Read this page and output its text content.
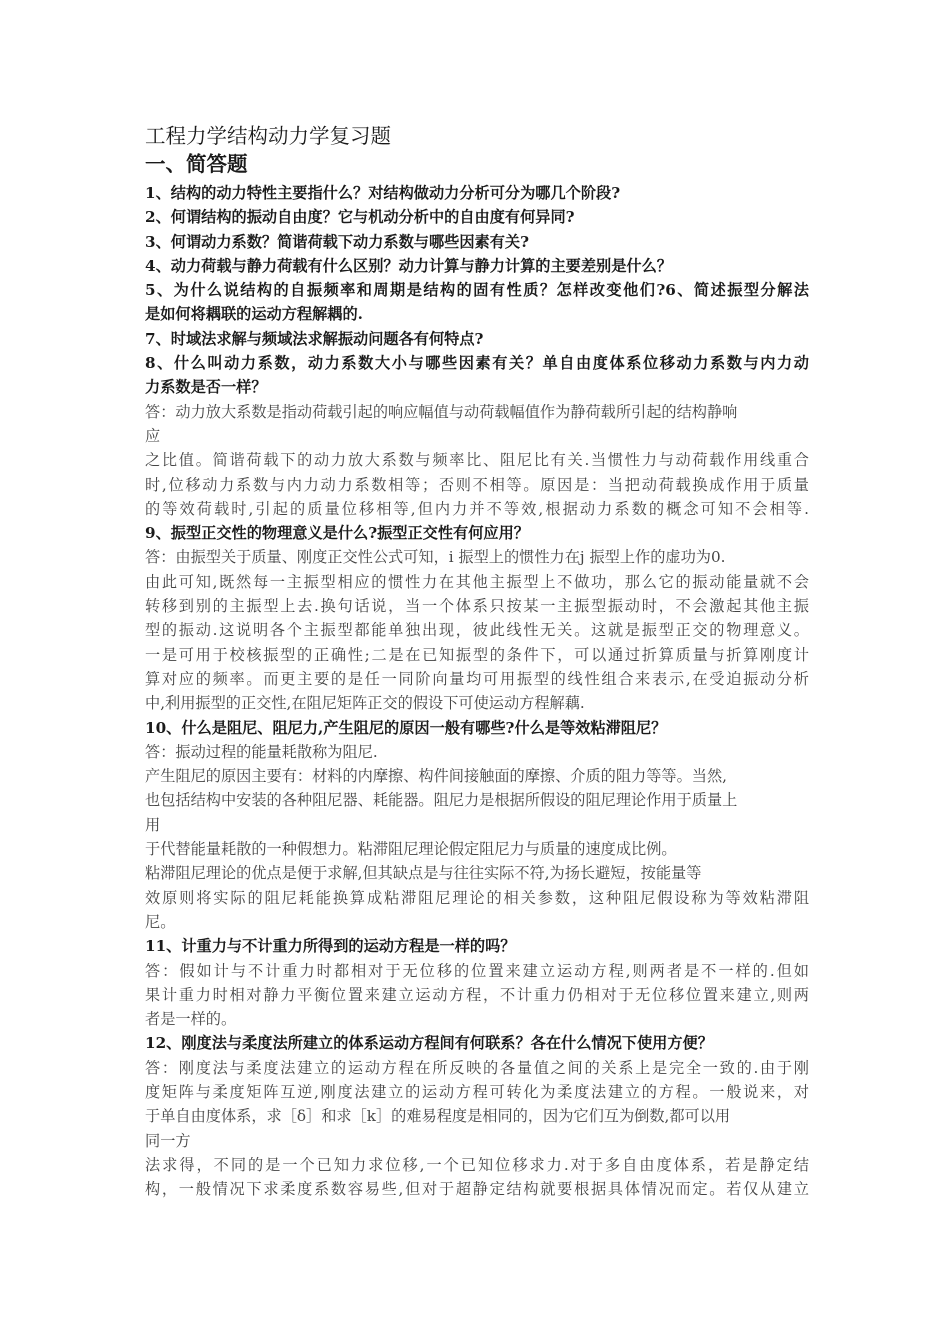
工程力学结构动力学复习题
一、简答题

1、结构的动力特性主要指什么？对结构做动力分析可分为哪几个阶段?

2、何谓结构的振动自由度？它与机动分析中的自由度有何异同?

3、何谓动力系数？简谐荷载下动力系数与哪些因素有关?

4、动力荷载与静力荷载有什么区别？动力计算与静力计算的主要差别是什么？

5、为什么说结构的自振频率和周期是结构的固有性质？怎样改变他们?6、简述振型分解法

是如何将耦联的运动方程解耦的.

7、时域法求解与频域法求解振动问题各有何特点?

8、什么叫动力系数，动力系数大小与哪些因素有关？单自由度体系位移动力系数与内力动

力系数是否一样？

答：动力放大系数是指动荷载引起的响应幅值与动荷载幅值作为静荷载所引起的结构静响

应

之比值。简谐荷载下的动力放大系数与频率比、阻尼比有关.当惯性力与动荷载作用线重合

时,位移动力系数与内力动力系数相等；否则不相等。原因是：当把动荷载换成作用于质量

的等效荷载时,引起的质量位移相等,但内力并不等效,根据动力系数的概念可知不会相等.

9、振型正交性的物理意义是什么?振型正交性有何应用？

答：由振型关于质量、刚度正交性公式可知，i 振型上的惯性力在j 振型上作的虚功为0.

由此可知,既然每一主振型相应的惯性力在其他主振型上不做功，那么它的振动能量就不会

转移到别的主振型上去.换句话说，当一个体系只按某一主振型振动时，不会激起其他主振

型的振动.这说明各个主振型都能单独出现，彼此线性无关。这就是振型正交的物理意义。

一是可用于校核振型的正确性;二是在已知振型的条件下，可以通过折算质量与折算刚度计

算对应的频率。而更主要的是任一同阶向量均可用振型的线性组合来表示,在受迫振动分析

中,利用振型的正交性,在阻尼矩阵正交的假设下可使运动方程解藕.

10、什么是阻尼、阻尼力,产生阻尼的原因一般有哪些?什么是等效粘滞阻尼？

答：振动过程的能量耗散称为阻尼.

产生阻尼的原因主要有：材料的内摩擦、构件间接触面的摩擦、介质的阻力等等。当然,

也包括结构中安装的各种阻尼器、耗能器。阻尼力是根据所假设的阻尼理论作用于质量上

用

于代替能量耗散的一种假想力。粘滞阻尼理论假定阻尼力与质量的速度成比例。

粘滞阻尼理论的优点是便于求解,但其缺点是与往往实际不符,为扬长避短，按能量等

效原则将实际的阻尼耗能换算成粘滞阻尼理论的相关参数，这种阻尼假设称为等效粘滞阻

尼。

11、计重力与不计重力所得到的运动方程是一样的吗？

答：假如计与不计重力时都相对于无位移的位置来建立运动方程,则两者是不一样的.但如

果计重力时相对静力平衡位置来建立运动方程，不计重力仍相对于无位移位置来建立,则两

者是一样的。

12、刚度法与柔度法所建立的体系运动方程间有何联系？各在什么情况下使用方便？

答：刚度法与柔度法建立的运动方程在所反映的各量值之间的关系上是完全一致的.由于刚

度矩阵与柔度矩阵互逆,刚度法建立的运动方程可转化为柔度法建立的方程。一般说来，对

于单自由度体系，求［δ］和求［k］的难易程度是相同的，因为它们互为倒数,都可以用

同一方

法求得，不同的是一个已知力求位移,一个已知位移求力.对于多自由度体系，若是静定结

构，一般情况下求柔度系数容易些,但对于超静定结构就要根据具体情况而定。若仅从建立
